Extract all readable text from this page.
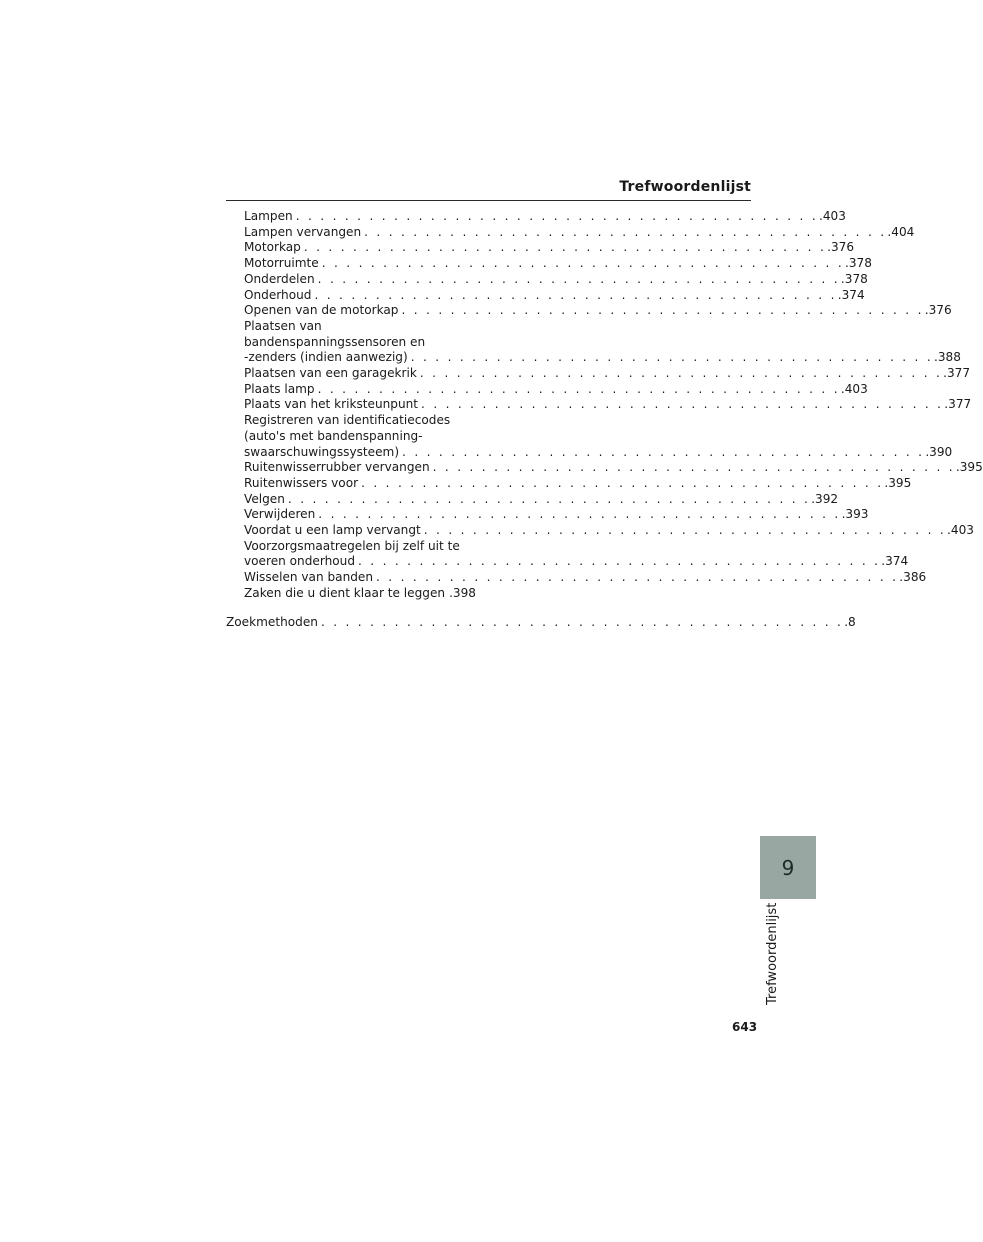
Trefwoordenlijst
Lampen . . . . . . . . . . . . . . . . . . . . . . . . . . . . . . . . . . . . . . . . . . . .403
Lampen vervangen . . . . . . . . . . . . . . . . . . . . . . . . . . . . . . . . . . . . . . . . . . . .404
Motorkap . . . . . . . . . . . . . . . . . . . . . . . . . . . . . . . . . . . . . . . . . . . .376
Motorruimte . . . . . . . . . . . . . . . . . . . . . . . . . . . . . . . . . . . . . . . . . . . .378
Onderdelen . . . . . . . . . . . . . . . . . . . . . . . . . . . . . . . . . . . . . . . . . . . .378
Onderhoud . . . . . . . . . . . . . . . . . . . . . . . . . . . . . . . . . . . . . . . . . . . .374
Openen van de motorkap . . . . . . . . . . . . . . . . . . . . . . . . . . . . . . . . . . . . . . . . . . . .376
Plaatsen van
bandenspanningssensoren en
-zenders (indien aanwezig) . . . . . . . . . . . . . . . . . . . . . . . . . . . . . . . . . . . . . . . . . . . .388
Plaatsen van een garagekrik . . . . . . . . . . . . . . . . . . . . . . . . . . . . . . . . . . . . . . . . . . . .377
Plaats lamp . . . . . . . . . . . . . . . . . . . . . . . . . . . . . . . . . . . . . . . . . . . .403
Plaats van het kriksteunpunt . . . . . . . . . . . . . . . . . . . . . . . . . . . . . . . . . . . . . . . . . . . .377
Registreren van identificatiecodes
(auto's met bandenspanning-
swaarschuwingssysteem) . . . . . . . . . . . . . . . . . . . . . . . . . . . . . . . . . . . . . . . . . . . .390
Ruitenwisserrubber vervangen . . . . . . . . . . . . . . . . . . . . . . . . . . . . . . . . . . . . . . . . . . . .395
Ruitenwissers voor . . . . . . . . . . . . . . . . . . . . . . . . . . . . . . . . . . . . . . . . . . . .395
Velgen . . . . . . . . . . . . . . . . . . . . . . . . . . . . . . . . . . . . . . . . . . . .392
Verwijderen . . . . . . . . . . . . . . . . . . . . . . . . . . . . . . . . . . . . . . . . . . . .393
Voordat u een lamp vervangt . . . . . . . . . . . . . . . . . . . . . . . . . . . . . . . . . . . . . . . . . . . .403
Voorzorgsmaatregelen bij zelf uit te
voeren onderhoud . . . . . . . . . . . . . . . . . . . . . . . . . . . . . . . . . . . . . . . . . . . .374
Wisselen van banden . . . . . . . . . . . . . . . . . . . . . . . . . . . . . . . . . . . . . . . . . . . .386
Zaken die u dient klaar te leggen .398
Zoekmethoden . . . . . . . . . . . . . . . . . . . . . . . . . . . . . . . . . . . . . . . . . . . .8
9
Trefwoordenlijst
643
